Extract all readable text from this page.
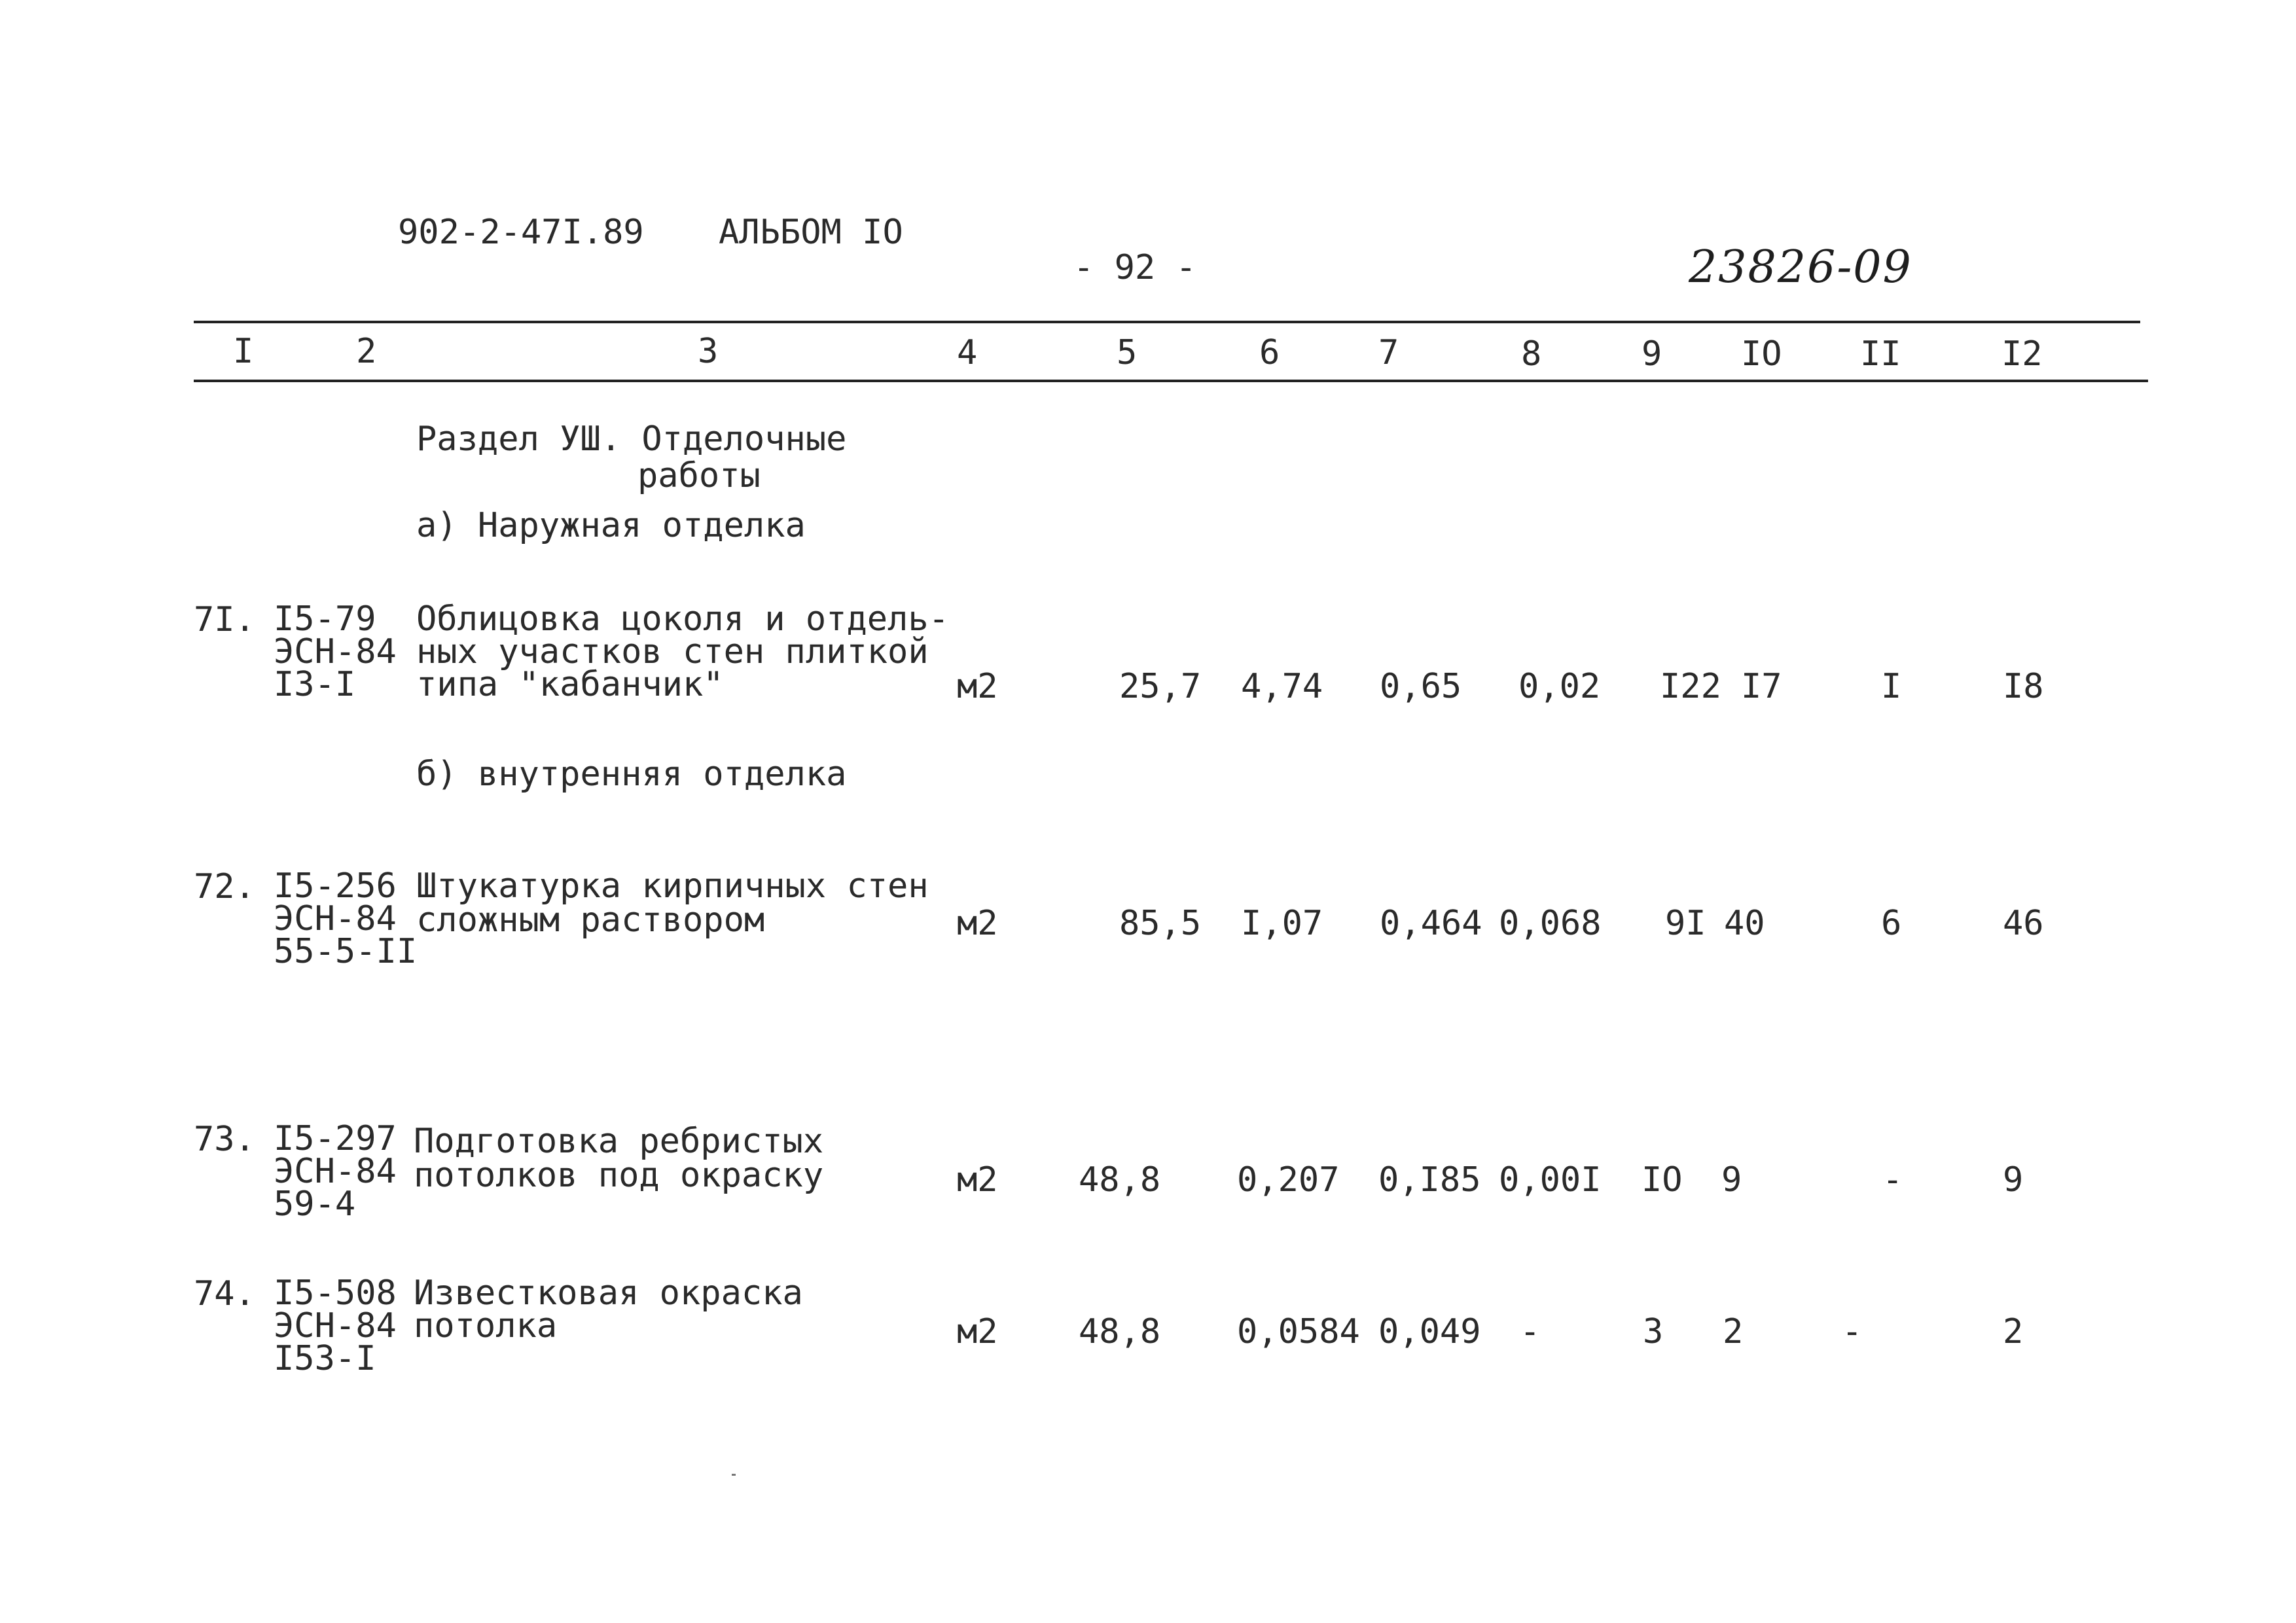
902-2-47I.89 АЛЬБОМ IO
- 92 -	23826-09
I	2	3	4	5	6	7	8	9 IO II	I2
Раздел УШ. Отделочные
работы
а) Наружная отделка
7I. I5-79
ЭСН-84
I3-I
Облицовка цоколя и отдель-
ных участков стен плиткой
типа "кабанчик"	м2	25,7 4,74 0,65 0,02 I22 I7	I	I8
б) внутренняя отделка
72. I5-256
ЭСН-84
55-5-II
Штукатурка кирпичных стен
сложным раствором	м2	85,5 I,07 0,464 0,068 9I 40	6	46
73. I5-297
ЭСН-84
59-4
Подготовка ребристых
потолков под окраску	м2 48,8 0,207 0,I85 0,00I IO 9	-	9
74. I5-508
ЭСН-84
I53-I
Известковая окраска
потолка	м2 48,8 0,0584 0,049 -	3 2	-	2
